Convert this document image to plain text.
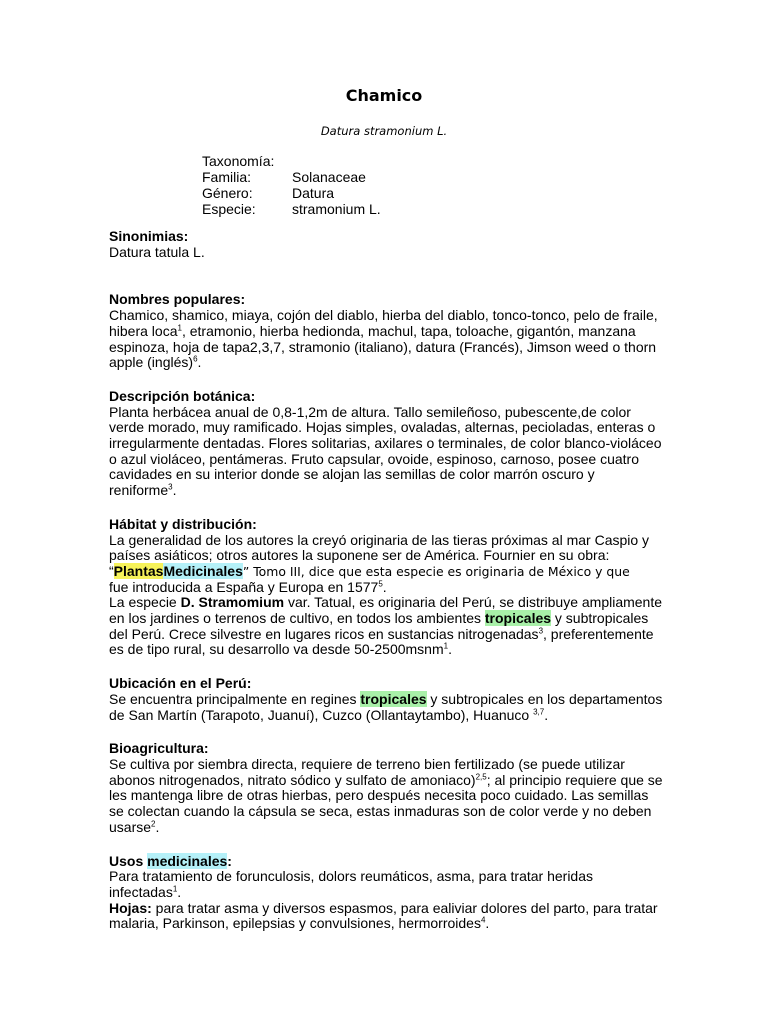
Chamico
Datura stramonium L.
Taxonomía:
Familia:	Solanaceae
Género:	Datura
Especie:	stramonium L.
Sinonimias:

Datura tatula L.

Nombres populares:

Chamico, shamico, miaya, cojón del diablo, hierba del diablo, tonco-tonco, pelo de fraile, hibera loca$^1$, etramonio, hierba hedionda, machul, tapa, toloache, gigantón, manzana espinoza, hoja de tapa2,3,7, stramonio (italiano), datura (Francés), Jimson weed o thorn apple (inglés)$^6$.

Descripción botánica:

Planta herbácea anual de 0,8-1,2m de altura. Tallo semileñoso, pubescente,de color verde morado, muy ramificado. Hojas simples, ovaladas, alternas, pecioladas, enteras o irregularmente dentadas. Flores solitarias, axilares o terminales, de color blanco-violáceo o azul violáceo, pentámeras. Fruto capsular, ovoide, espinoso, carnoso, posee cuatro cavidades en su interior donde se alojan las semillas de color marrón oscuro y reniforme$^3$.

Hábitat y distribución:

La generalidad de los autores la creyó originaria de las tieras próximas al mar Caspio y países asiáticos; otros autores la suponene ser de América. Fournier en su obra: “PlantasMedicinales” Tomo III, dice que esta especie es originaria de México y que
fue introducida a España y Europa en 1577$^5$.

La especie D. Stramomium var. Tatual, es originaria del Perú, se distribuye ampliamente en los jardines o terrenos de cultivo, en todos los ambientes tropicales y subtropicales del Perú. Crece silvestre en lugares ricos en sustancias nitrogenadas$^3$, preferentemente es de tipo rural, su desarrollo va desde 50-2500msnm$^1$.

Ubicación en el Perú:

Se encuentra principalmente en regines tropicales y subtropicales en los departamentos de San Martín (Tarapoto, Juanuí), Cuzco (Ollantaytambo), Huanuco $^{3,7}$.

Bioagricultura:

Se cultiva por siembra directa, requiere de terreno bien fertilizado (se puede utilizar abonos nitrogenados, nitrato sódico y sulfato de amoniaco)$^{2,5}$; al principio requiere que se les mantenga libre de otras hierbas, pero después necesita poco cuidado. Las semillas se colectan cuando la cápsula se seca, estas inmaduras son de color verde y no deben usarse$^2$.

Usos medicinales:

Para tratamiento de forunculosis, dolors reumáticos, asma, para tratar heridas infectadas$^1$.

Hojas: para tratar asma y diversos espasmos, para ealiviar dolores del parto, para tratar malaria, Parkinson, epilepsias y convulsiones, hermorroides$^4$.
